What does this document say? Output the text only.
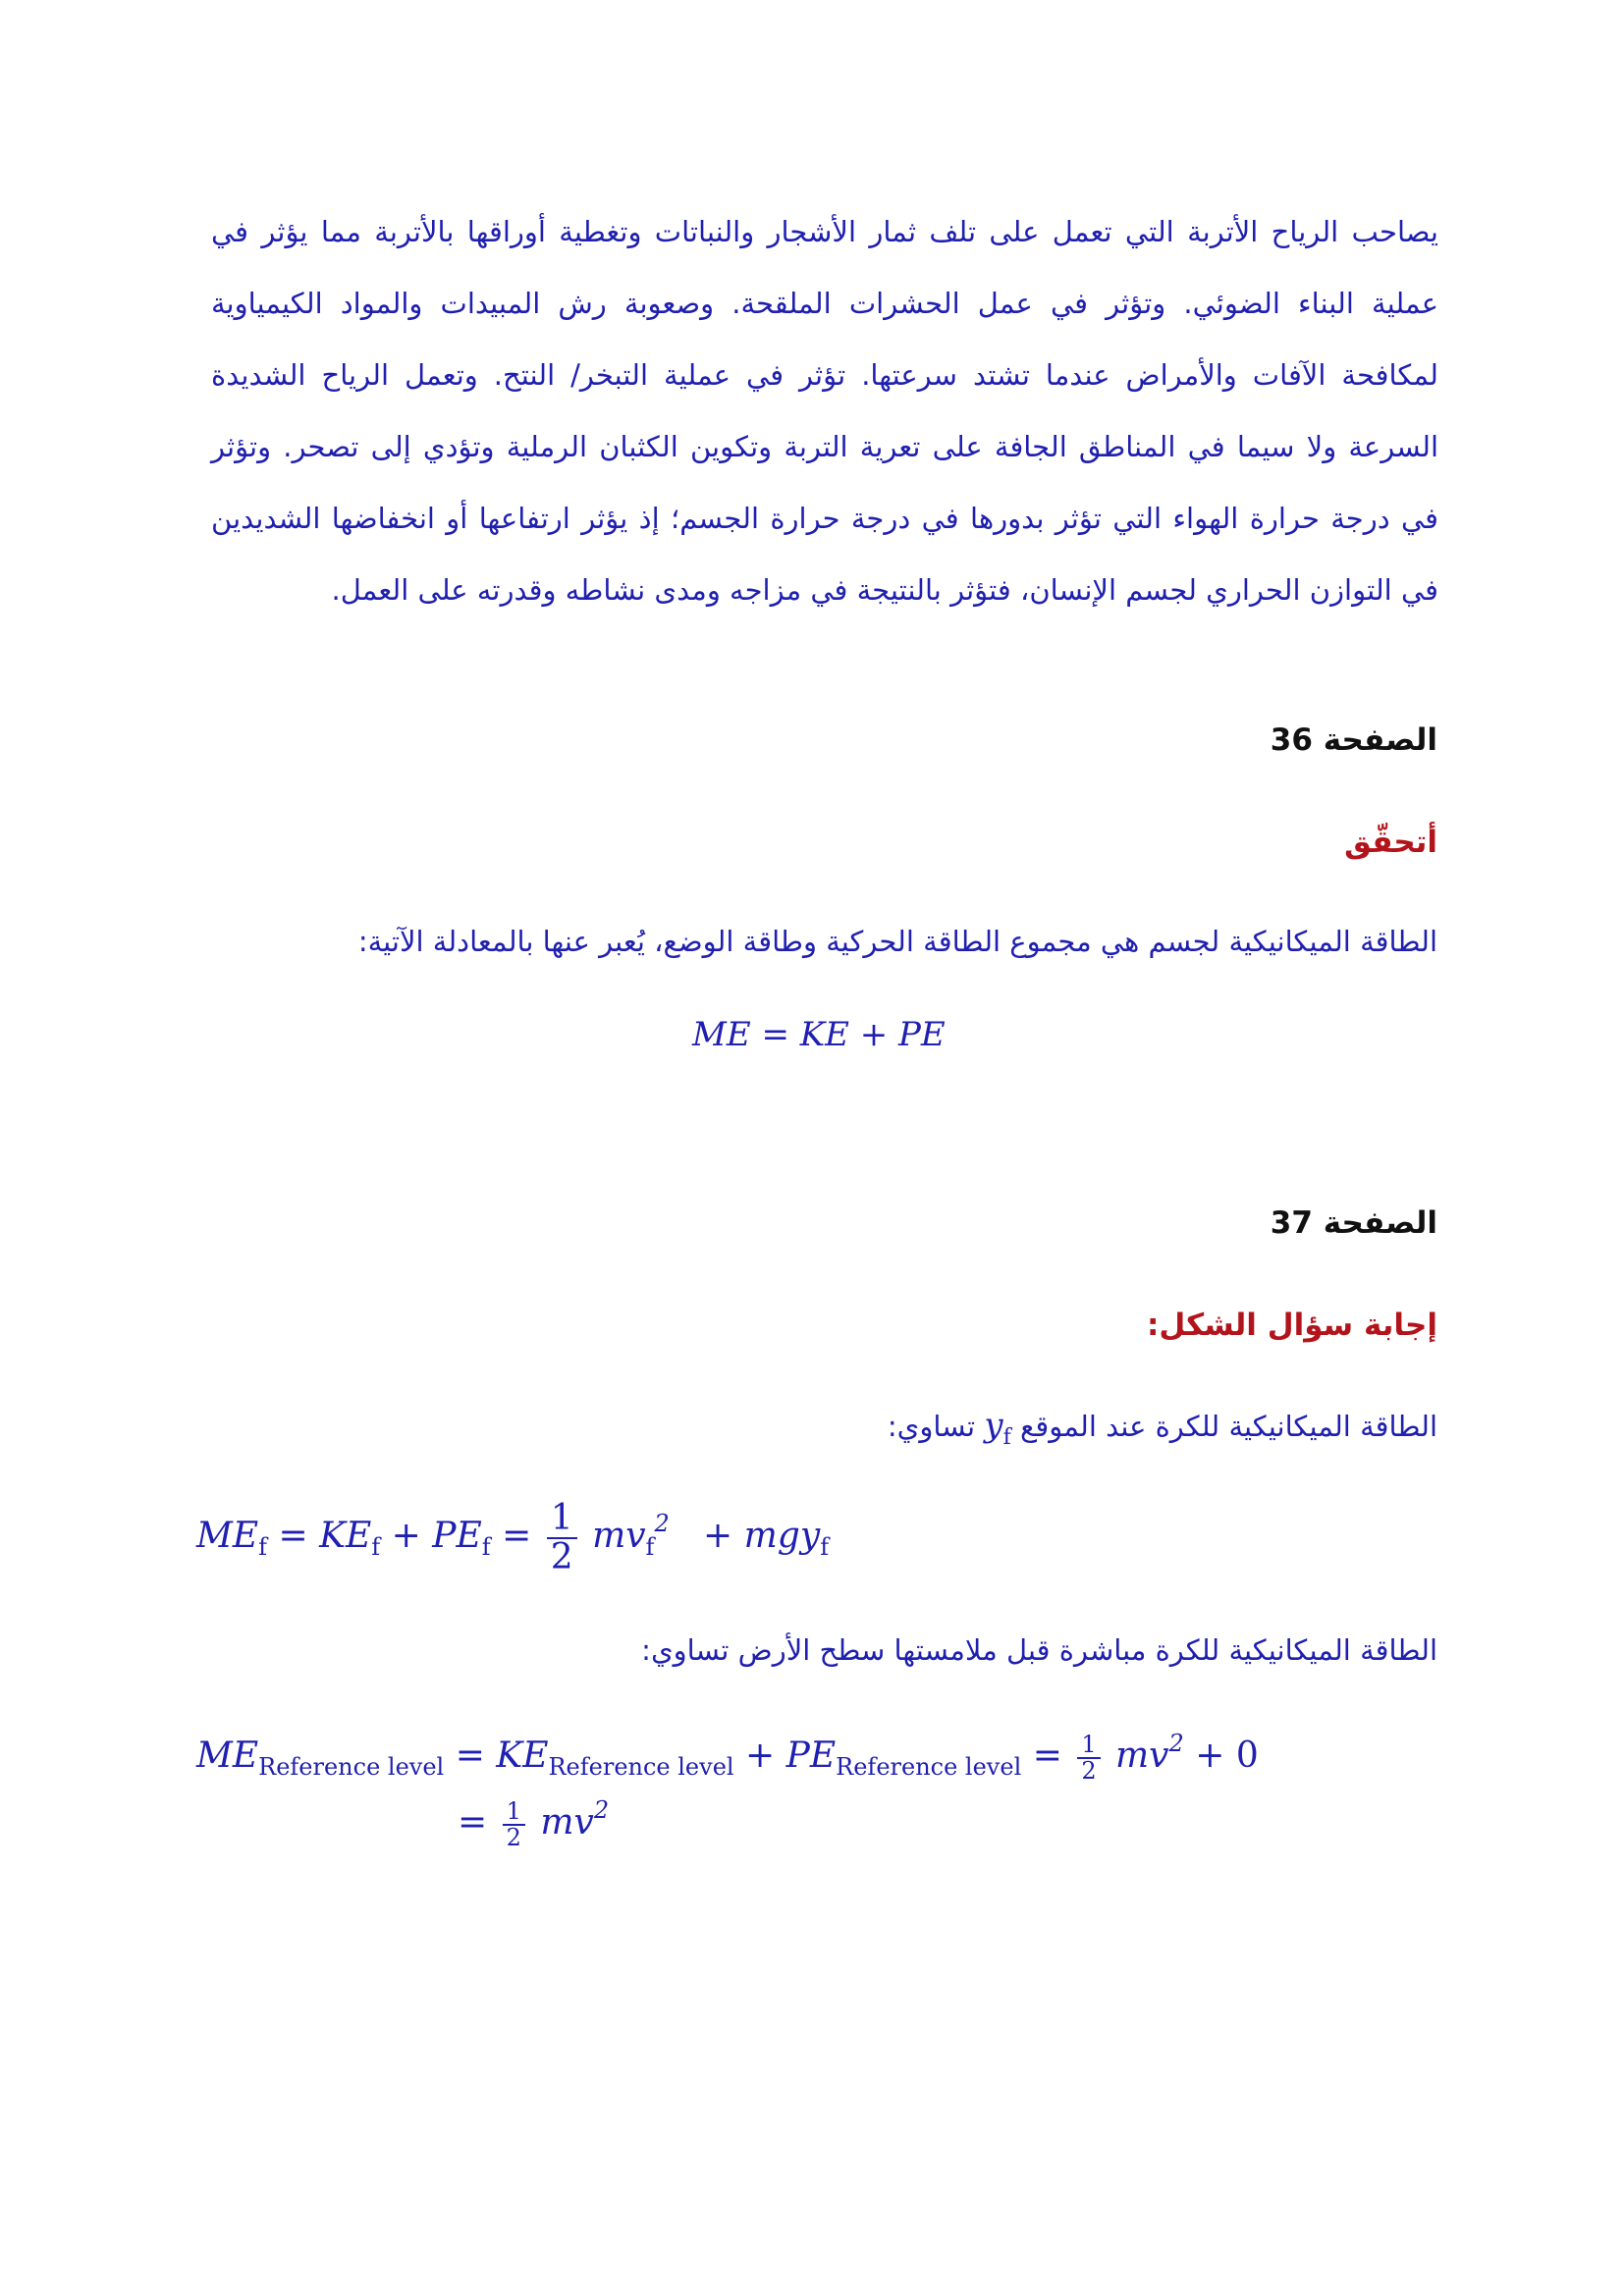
يصاحب الرياح الأتربة التي تعمل على تلف ثمار الأشجار والنباتات وتغطية أوراقها بالأتربة مما يؤثر في عملية البناء الضوئي. وتؤثر في عمل الحشرات الملقحة. وصعوبة رش المبيدات والمواد الكيمياوية لمكافحة الآفات والأمراض عندما تشتد سرعتها. تؤثر في عملية التبخر/ النتح. وتعمل الرياح الشديدة السرعة ولا سيما في المناطق الجافة على تعرية التربة وتكوين الكثبان الرملية وتؤدي إلى تصحر. وتؤثر في درجة حرارة الهواء التي تؤثر بدورها في درجة حرارة الجسم؛ إذ يؤثر ارتفاعها أو انخفاضها الشديدين في التوازن الحراري لجسم الإنسان، فتؤثر بالنتيجة في مزاجه ومدى نشاطه وقدرته على العمل.

الصفحة 36
أتحقّق
الطاقة الميكانيكية لجسم هي مجموع الطاقة الحركية وطاقة الوضع، يُعبر عنها بالمعادلة الآتية:
ME = KE + PE
الصفحة 37
إجابة سؤال الشكل:
الطاقة الميكانيكية للكرة عند الموقع $y_f$ تساوي:
$ME_f = KE_f + PE_f = \frac{1}{2} mv_f^2 + mgy_f$
الطاقة الميكانيكية للكرة مباشرة قبل ملامستها سطح الأرض تساوي:
$ME_{Reference level} = KE_{Reference level} + PE_{Reference level} = \frac{1}{2} mv^2 + 0$
= $\frac{1}{2} mv^2$
